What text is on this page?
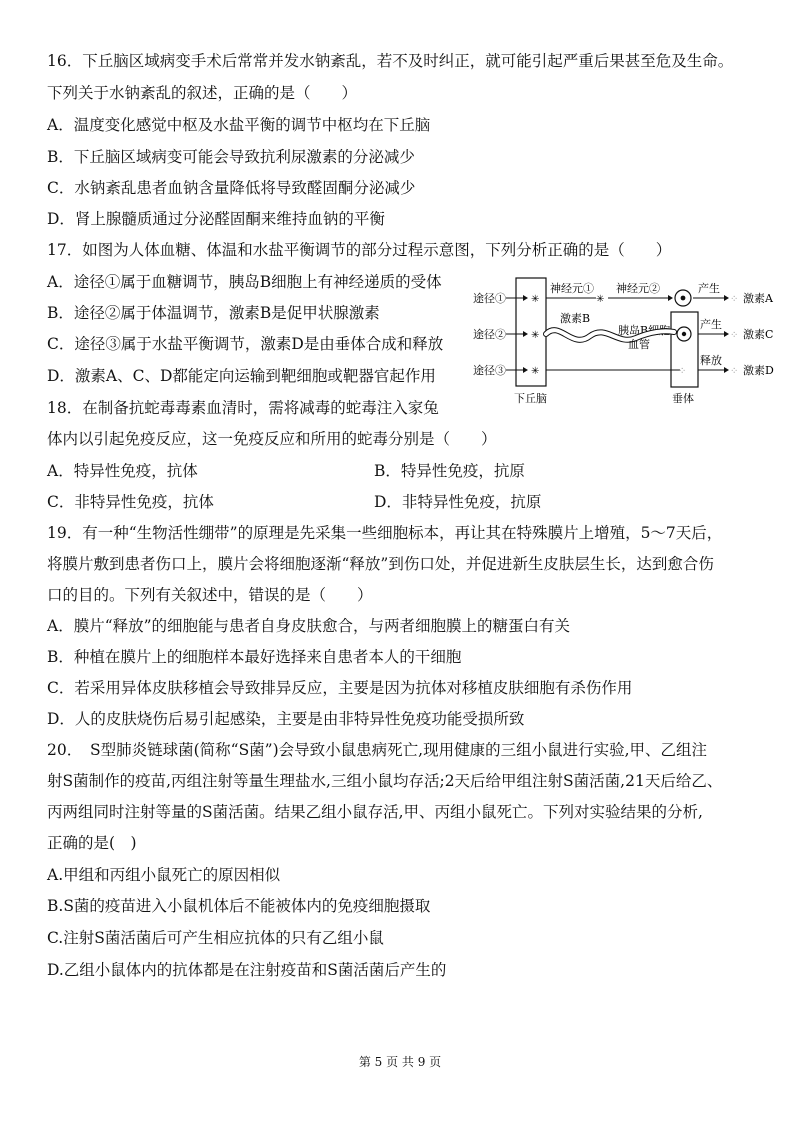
16．下丘脑区域病变手术后常常并发水钠紊乱，若不及时纠正，就可能引起严重后果甚至危及生命。
下列关于水钠紊乱的叙述，正确的是（　　）
A．温度变化感觉中枢及水盐平衡的调节中枢均在下丘脑
B．下丘脑区域病变可能会导致抗利尿激素的分泌减少
C．水钠紊乱患者血钠含量降低将导致醛固酮分泌减少
D．肾上腺髓质通过分泌醛固酮来维持血钠的平衡
17．如图为人体血糖、体温和水盐平衡调节的部分过程示意图，下列分析正确的是（　　）
A．途径①属于血糖调节，胰岛B细胞上有神经递质的受体
B．途径②属于体温调节，激素B是促甲状腺激素
C．途径③属于水盐平衡调节，激素D是由垂体合成和释放
D．激素A、C、D都能定向运输到靶细胞或靶器官起作用
途径①
途径②
途径③
✳
✳
✳
神经元①
✳
神经元②
胰岛B细胞
产生
⁘ 激素A
激素B
血管
产生
⁘ 激素C
⁘
释放
⁘ 激素D
下丘脑	垂体
18．在制备抗蛇毒毒素血清时，需将减毒的蛇毒注入家兔
体内以引起免疫反应，这一免疫反应和所用的蛇毒分别是（　　）
A．特异性免疫，抗体	B．特异性免疫，抗原
C．非特异性免疫，抗体	D．非特异性免疫，抗原
19．有一种“生物活性绷带”的原理是先采集一些细胞标本，再让其在特殊膜片上增殖，5～7天后，
将膜片敷到患者伤口上，膜片会将细胞逐渐“释放”到伤口处，并促进新生皮肤层生长，达到愈合伤
口的目的。下列有关叙述中，错误的是（　　）
A．膜片“释放”的细胞能与患者自身皮肤愈合，与两者细胞膜上的糖蛋白有关
B．种植在膜片上的细胞样本最好选择来自患者本人的干细胞
C．若采用异体皮肤移植会导致排异反应，主要是因为抗体对移植皮肤细胞有杀伤作用
D．人的皮肤烧伤后易引起感染，主要是由非特异性免疫功能受损所致
20．　S型肺炎链球菌(简称“S菌”)会导致小鼠患病死亡,现用健康的三组小鼠进行实验,甲、乙组注
射S菌制作的疫苗,丙组注射等量生理盐水,三组小鼠均存活;2天后给甲组注射S菌活菌,21天后给乙、
丙两组同时注射等量的S菌活菌。结果乙组小鼠存活,甲、丙组小鼠死亡。下列对实验结果的分析,
正确的是(　)
A.甲组和丙组小鼠死亡的原因相似
B.S菌的疫苗进入小鼠机体后不能被体内的免疫细胞摄取
C.注射S菌活菌后可产生相应抗体的只有乙组小鼠
D.乙组小鼠体内的抗体都是在注射疫苗和S菌活菌后产生的
第 5 页 共 9 页
